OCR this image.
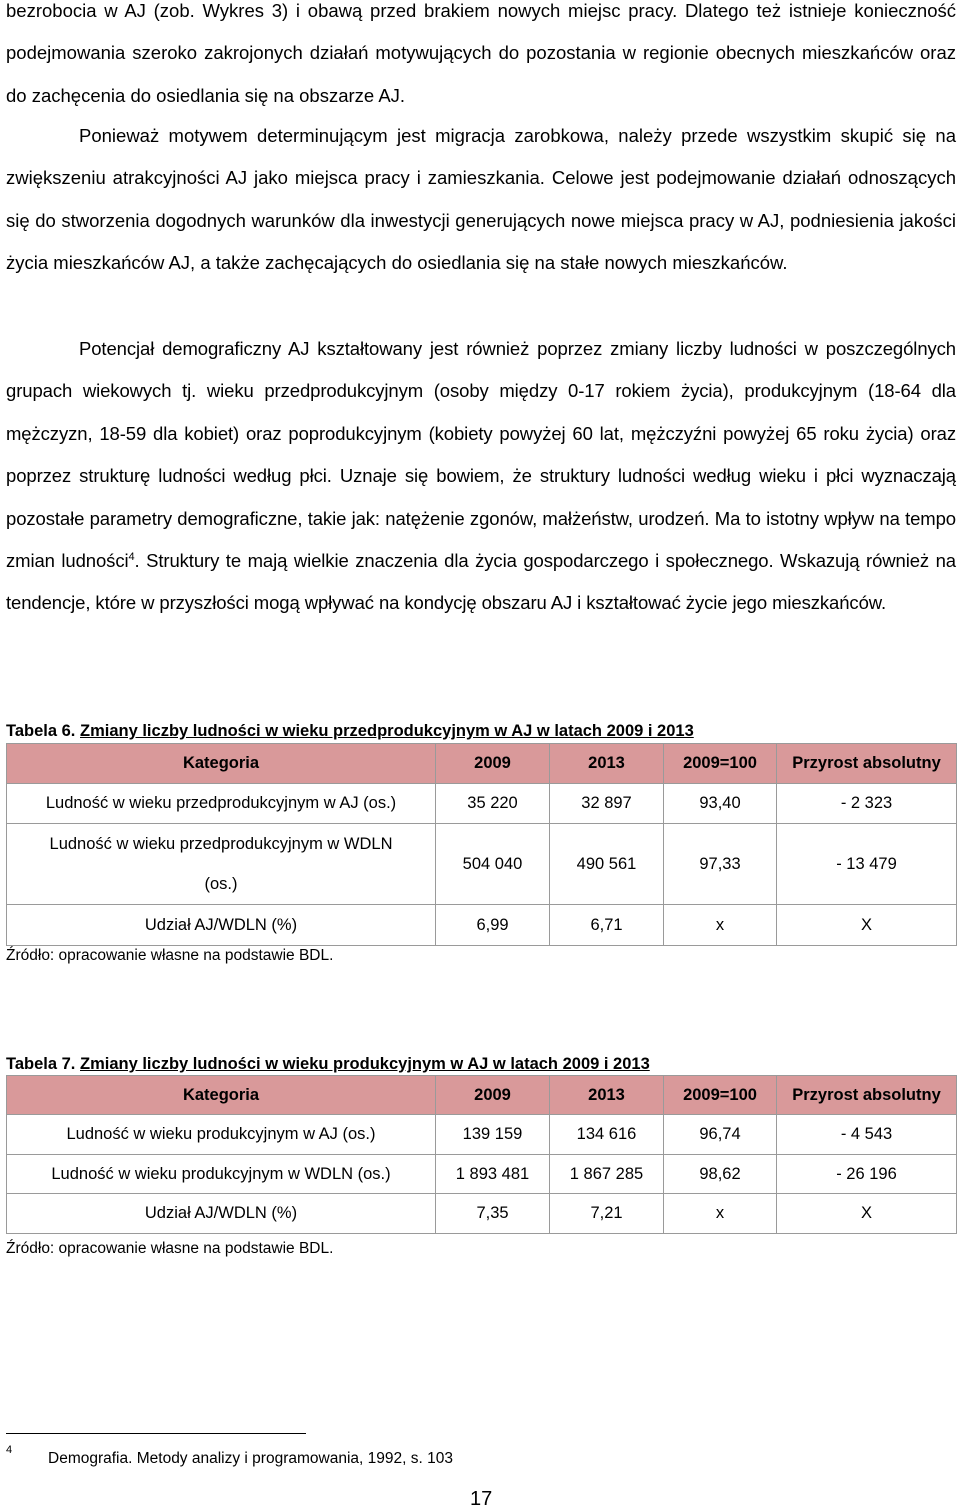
bezrobocia w AJ (zob. Wykres 3) i obawą przed brakiem nowych miejsc pracy. Dlatego też istnieje konieczność podejmowania szeroko zakrojonych działań motywujących do pozostania w regionie obecnych mieszkańców oraz do zachęcenia do osiedlania się na obszarze AJ.

Ponieważ motywem determinującym jest migracja zarobkowa, należy przede wszystkim skupić się na zwiększeniu atrakcyjności AJ jako miejsca pracy i zamieszkania. Celowe jest podejmowanie działań odnoszących się do stworzenia dogodnych warunków dla inwestycji generujących nowe miejsca pracy w AJ, podniesienia jakości życia mieszkańców AJ, a także zachęcających do osiedlania się na stałe nowych mieszkańców.

Potencjał demograficzny AJ kształtowany jest również poprzez zmiany liczby ludności w poszczególnych grupach wiekowych tj. wieku przedprodukcyjnym (osoby między 0-17 rokiem życia), produkcyjnym (18-64 dla mężczyzn, 18-59 dla kobiet) oraz poprodukcyjnym (kobiety powyżej 60 lat, mężczyźni powyżej 65 roku życia) oraz poprzez strukturę ludności według płci. Uznaje się bowiem, że struktury ludności według wieku i płci wyznaczają pozostałe parametry demograficzne, takie jak: natężenie zgonów, małżeństw, urodzeń. Ma to istotny wpływ na tempo zmian ludności$^4$. Struktury te mają wielkie znaczenia dla życia gospodarczego i społecznego. Wskazują również na tendencje, które w przyszłości mogą wpływać na kondycję obszaru AJ i kształtować życie jego mieszkańców.

Tabela 6. Zmiany liczby ludności w wieku przedprodukcyjnym w AJ w latach 2009 i 2013
Kategoria	2009	2013	2009=100	Przyrost absolutny
Ludność w wieku przedprodukcyjnym w AJ (os.)	35 220	32 897	93,40	- 2 323
Ludność w wieku przedprodukcyjnym w WDLN (os.)	504 040	490 561	97,33	- 13 479
Udział AJ/WDLN (%)	6,99	6,71	x	X
Źródło: opracowanie własne na podstawie BDL.
Tabela 7. Zmiany liczby ludności w wieku produkcyjnym w AJ w latach 2009 i 2013
Kategoria	2009	2013	2009=100	Przyrost absolutny
Ludność w wieku produkcyjnym w AJ (os.)	139 159	134 616	96,74	- 4 543
Ludność w wieku produkcyjnym w WDLN (os.)	1 893 481	1 867 285	98,62	- 26 196
Udział AJ/WDLN (%)	7,35	7,21	x	X
Źródło: opracowanie własne na podstawie BDL.
4 Demografia. Metody analizy i programowania, 1992, s. 103
17
